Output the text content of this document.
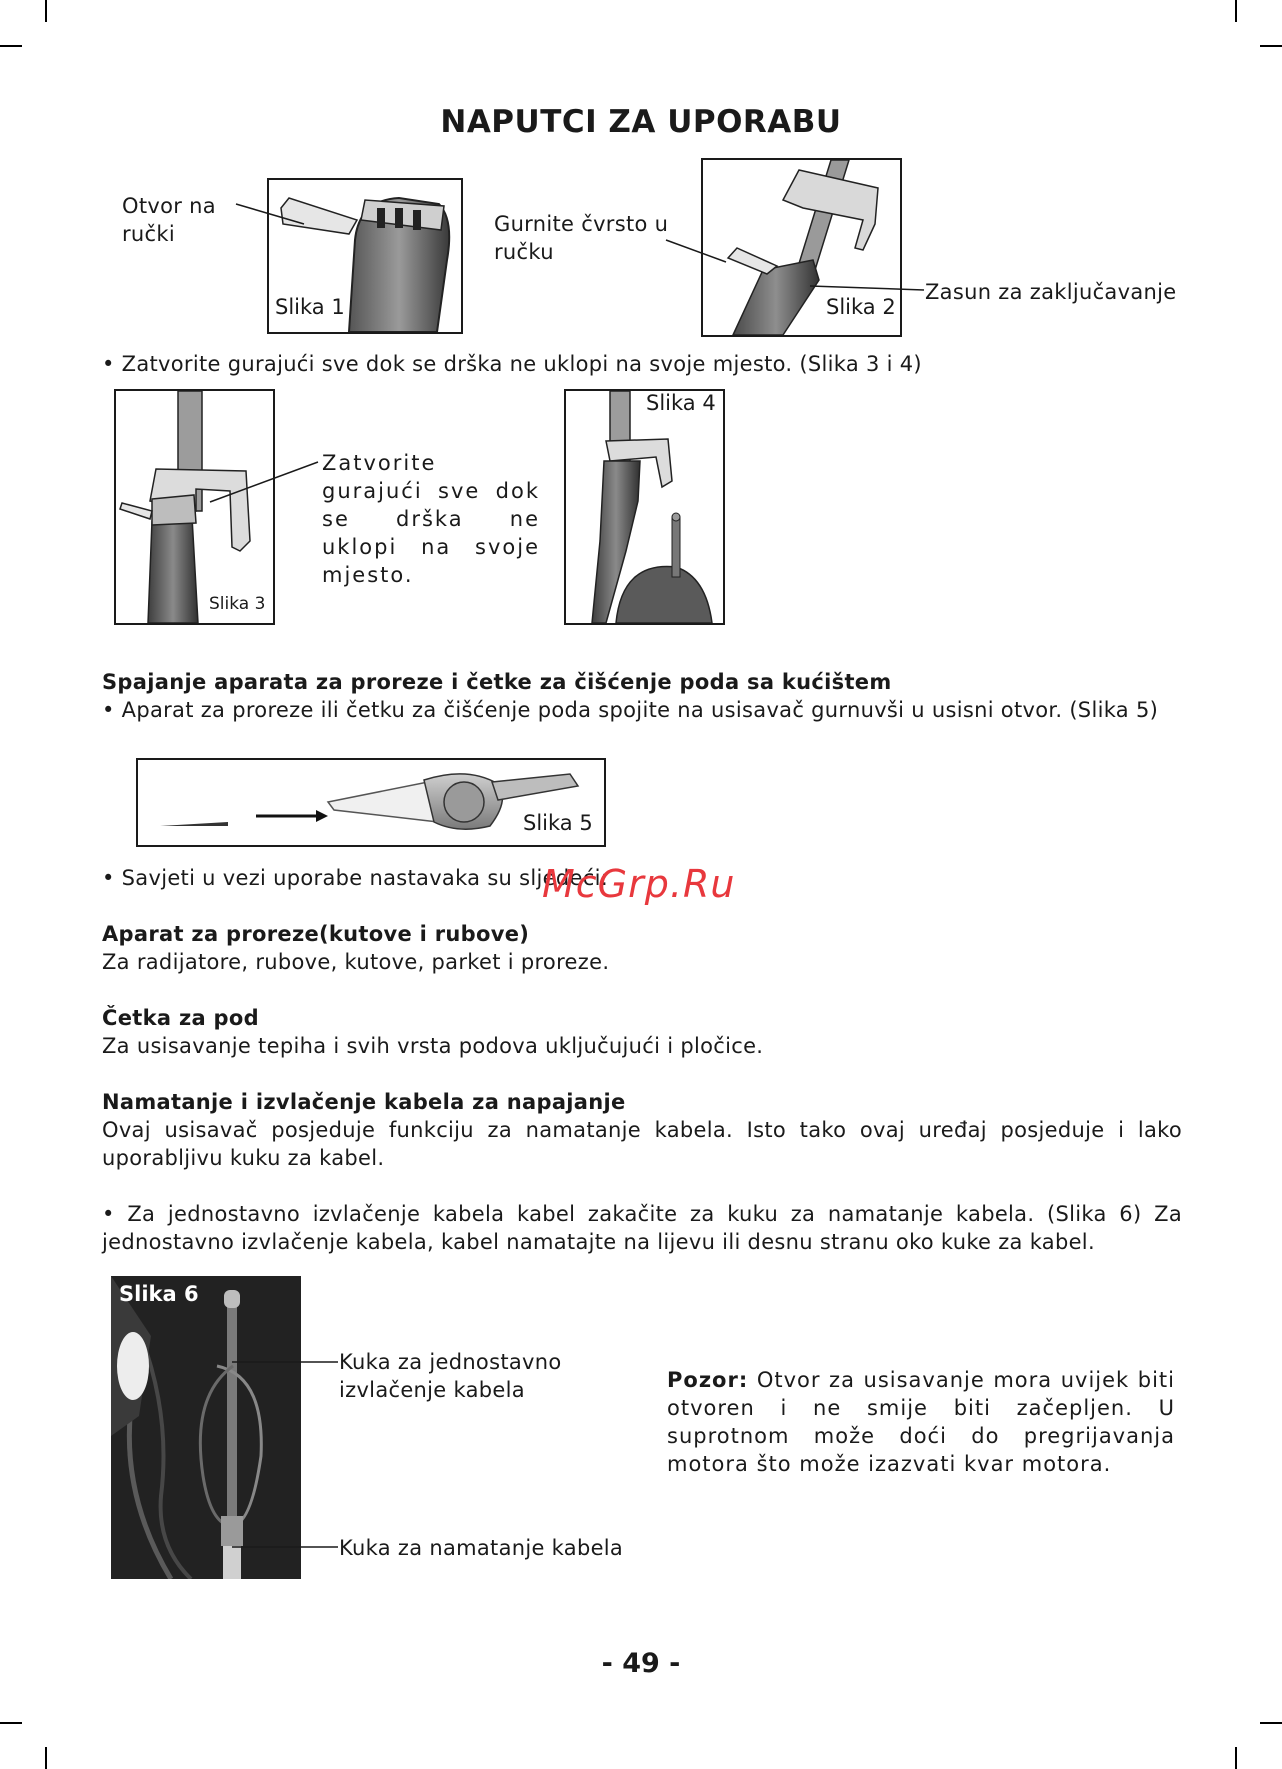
NAPUTCI ZA UPORABU
Otvor na ručki
Slika 1
Gurnite čvrsto u ručku
Zasun za zaključavanje
Slika 2
• Zatvorite gurajući sve dok se drška ne uklopi na svoje mjesto. (Slika 3 i 4)
Slika 3
Zatvorite gurajući sve dok se drška ne uklopi na svoje mjesto.
Slika 4
Spajanje aparata za proreze i četke za čišćenje poda sa kućištem
• Aparat za proreze ili četku za čišćenje poda spojite na usisavač gurnuvši u usisni otvor. (Slika 5)
Slika 5
• Savjeti u vezi uporabe nastavaka su sljedeći:
McGrp.Ru
Aparat za proreze(kutove i rubove)
Za radijatore, rubove, kutove, parket i proreze.
Četka za pod
Za usisavanje tepiha i svih vrsta podova uključujući i pločice.
Namatanje i izvlačenje kabela za napajanje
Ovaj usisavač posjeduje funkciju za namatanje kabela. Isto tako ovaj uređaj posjeduje i lako uporabljivu kuku za kabel.
• Za jednostavno izvlačenje kabela kabel zakačite za kuku za namatanje kabela. (Slika 6) Za jednostavno izvlačenje kabela, kabel namatajte na lijevu ili desnu stranu oko kuke za kabel.
Slika 6
Kuka za jednostavno izvlačenje kabela
Kuka za namatanje kabela
Pozor: Otvor za usisavanje mora uvijek biti otvoren i ne smije biti začepljen. U suprotnom može doći do pregrijavanja motora što može izazvati kvar motora.
- 49 -
